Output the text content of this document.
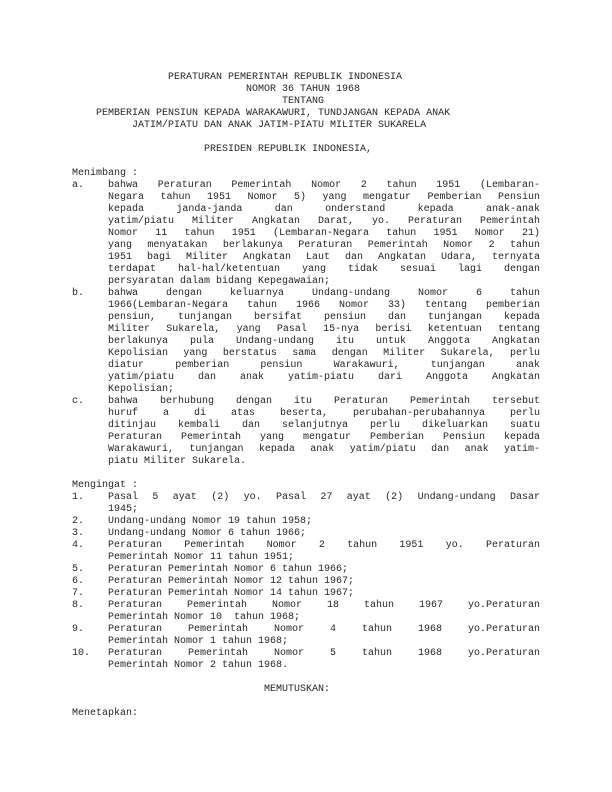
PERATURAN PEMERINTAH REPUBLIK INDONESIA
NOMOR 36 TAHUN 1968
TENTANG
PEMBERIAN PENSIUN KEPADA WARAKAWURI, TUNDJANGAN KEPADA ANAK
JATIM/PIATU DAN ANAK JATIM-PIATU MILITER SUKARELA
PRESIDEN REPUBLIK INDONESIA,
Menimbang :
a.	bahwa Peraturan Pemerintah Nomor 2 tahun 1951 (Lembaran-
Negara tahun 1951 Nomor 5) yang mengatur Pemberian Pensiun
kepada janda-janda dan onderstand kepada anak-anak
yatim/piatu Militer Angkatan Darat, yo. Peraturan Pemerintah
Nomor 11 tahun 1951 (Lembaran-Negara tahun 1951 Nomor 21)
yang menyatakan berlakunya Peraturan Pemerintah Nomor 2 tahun
1951 bagi Militer Angkatan Laut dan Angkatan Udara, ternyata
terdapat hal-hal/ketentuan yang tidak sesuai lagi dengan
persyaratan dalam bidang Kepegawaian;
b.	bahwa dengan keluarnya Undang-undang Nomor 6 tahun
1966(Lembaran-Negara tahun 1966 Nomor 33) tentang pemberian
pensiun, tunjangan bersifat pensiun dan tunjangan kepada
Militer Sukarela, yang Pasal 15-nya berisi ketentuan tentang
berlakunya pula Undang-undang itu untuk Anggota Angkatan
Kepolisian yang berstatus sama dengan Militer Sukarela, perlu
diatur pemberian pensiun Warakawuri, tunjangan anak
yatim/piatu dan anak yatim-piatu dari Anggota Angkatan
Kepolisian;
c.	bahwa berhubung dengan itu Peraturan Pemerintah tersebut
huruf a di atas beserta, perubahan-perubahannya perlu
ditinjau kembali dan selanjutnya perlu dikeluarkan suatu
Peraturan Pemerintah yang mengatur Pemberian Pensiun kepada
Warakawuri, tunjangan kepada anak yatim/piatu dan anak yatim-
piatu Militer Sukarela.
Mengingat :
1.	Pasal 5 ayat (2) yo. Pasal 27 ayat (2) Undang-undang Dasar
1945;
2.	Undang-undang Nomor 19 tahun 1958;
3.	Undang-undang Nomor 6 tahun 1966;
4.	Peraturan Pemerintah Nomor 2 tahun 1951 yo. Peraturan
Pemerintah Nomor 11 tahun 1951;
5.	Peraturan Pemerintah Nomor 6 tahun 1966;
6.	Peraturan Pemerintah Nomor 12 tahun 1967;
7.	Peraturan Pemerintah Nomor 14 tahun 1967;
8.	Peraturan Pemerintah Nomor 18 tahun 1967 yo.Peraturan
Pemerintah Nomor 10  tahun 1968;
9.	Peraturan Pemerintah Nomor 4 tahun 1968 yo.Peraturan
Pemerintah Nomor 1 tahun 1968;
10.	Peraturan Pemerintah Nomor 5 tahun 1968 yo.Peraturan
Pemerintah Nomor 2 tahun 1968.
MEMUTUSKAN:
Menetapkan:
